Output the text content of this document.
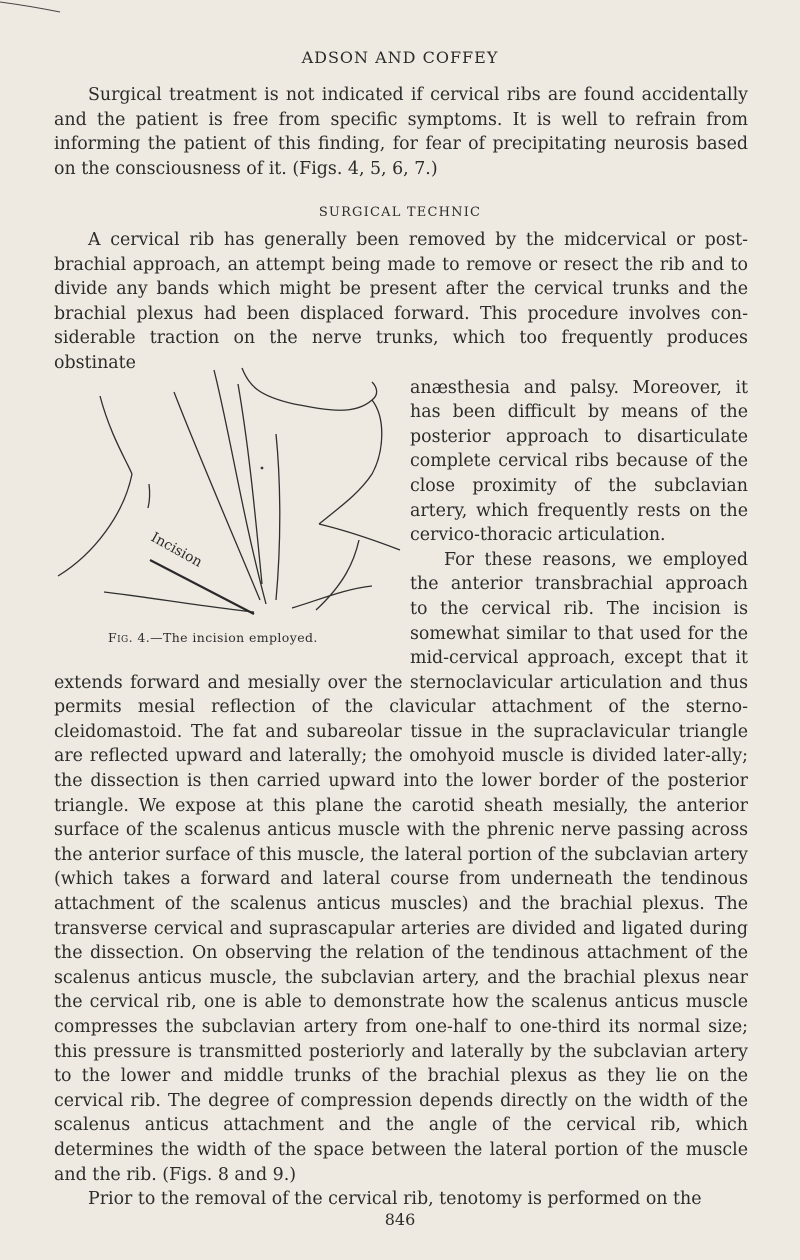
ADSON AND COFFEY

Surgical treatment is not indicated if cervical ribs are found accidentally and the patient is free from specific symptoms. It is well to refrain from informing the patient of this finding, for fear of precipitating neurosis based on the consciousness of it. (Figs. 4, 5, 6, 7.)

SURGICAL TECHNIC

A cervical rib has generally been removed by the midcervical or post-brachial approach, an attempt being made to remove or resect the rib and to divide any bands which might be present after the cervical trunks and the brachial plexus had been displaced forward. This procedure involves con-siderable traction on the nerve trunks, which too frequently produces obstinate

anæsthesia and palsy. Moreover, it has been difficult by means of the posterior approach to disarticulate complete cervical ribs because of the close proximity of the subclavian artery, which frequently rests on the cervico-thoracic articulation.

For these reasons, we employed the anterior transbrachial approach to the cervical rib. The incision is somewhat similar to that used for the mid-cervical approach, except that it extends forward and mesially over the sternoclavicular articulation and thus permits mesial reflection of the clavicular attachment of the sterno-cleidomastoid. The fat and subareolar tissue in the supraclavicular triangle are reflected upward and laterally; the omohyoid muscle is divided later-ally; the dissection is then carried upward into the lower border of the posterior triangle. We expose at this plane the carotid sheath mesially, the anterior surface of the scalenus anticus muscle with the phrenic nerve passing across the anterior surface of this muscle, the lateral portion of the subclavian artery (which takes a forward and lateral course from underneath the tendinous attachment of the scalenus anticus muscles) and the brachial plexus. The transverse cervical and suprascapular arteries are divided and ligated during the dissection. On observing the relation of the tendinous attachment of the scalenus anticus muscle, the subclavian artery, and the brachial plexus near the cervical rib, one is able to demonstrate how the scalenus anticus muscle compresses the subclavian artery from one-half to one-third its normal size; this pressure is transmitted posteriorly and laterally by the subclavian artery to the lower and middle trunks of the brachial plexus as they lie on the cervical rib. The degree of compression depends directly on the width of the scalenus anticus attachment and the angle of the cervical rib, which determines the width of the space between the lateral portion of the muscle and the rib. (Figs. 8 and 9.)

Prior to the removal of the cervical rib, tenotomy is performed on the

Incision
Fig. 4.—The incision employed.
846
